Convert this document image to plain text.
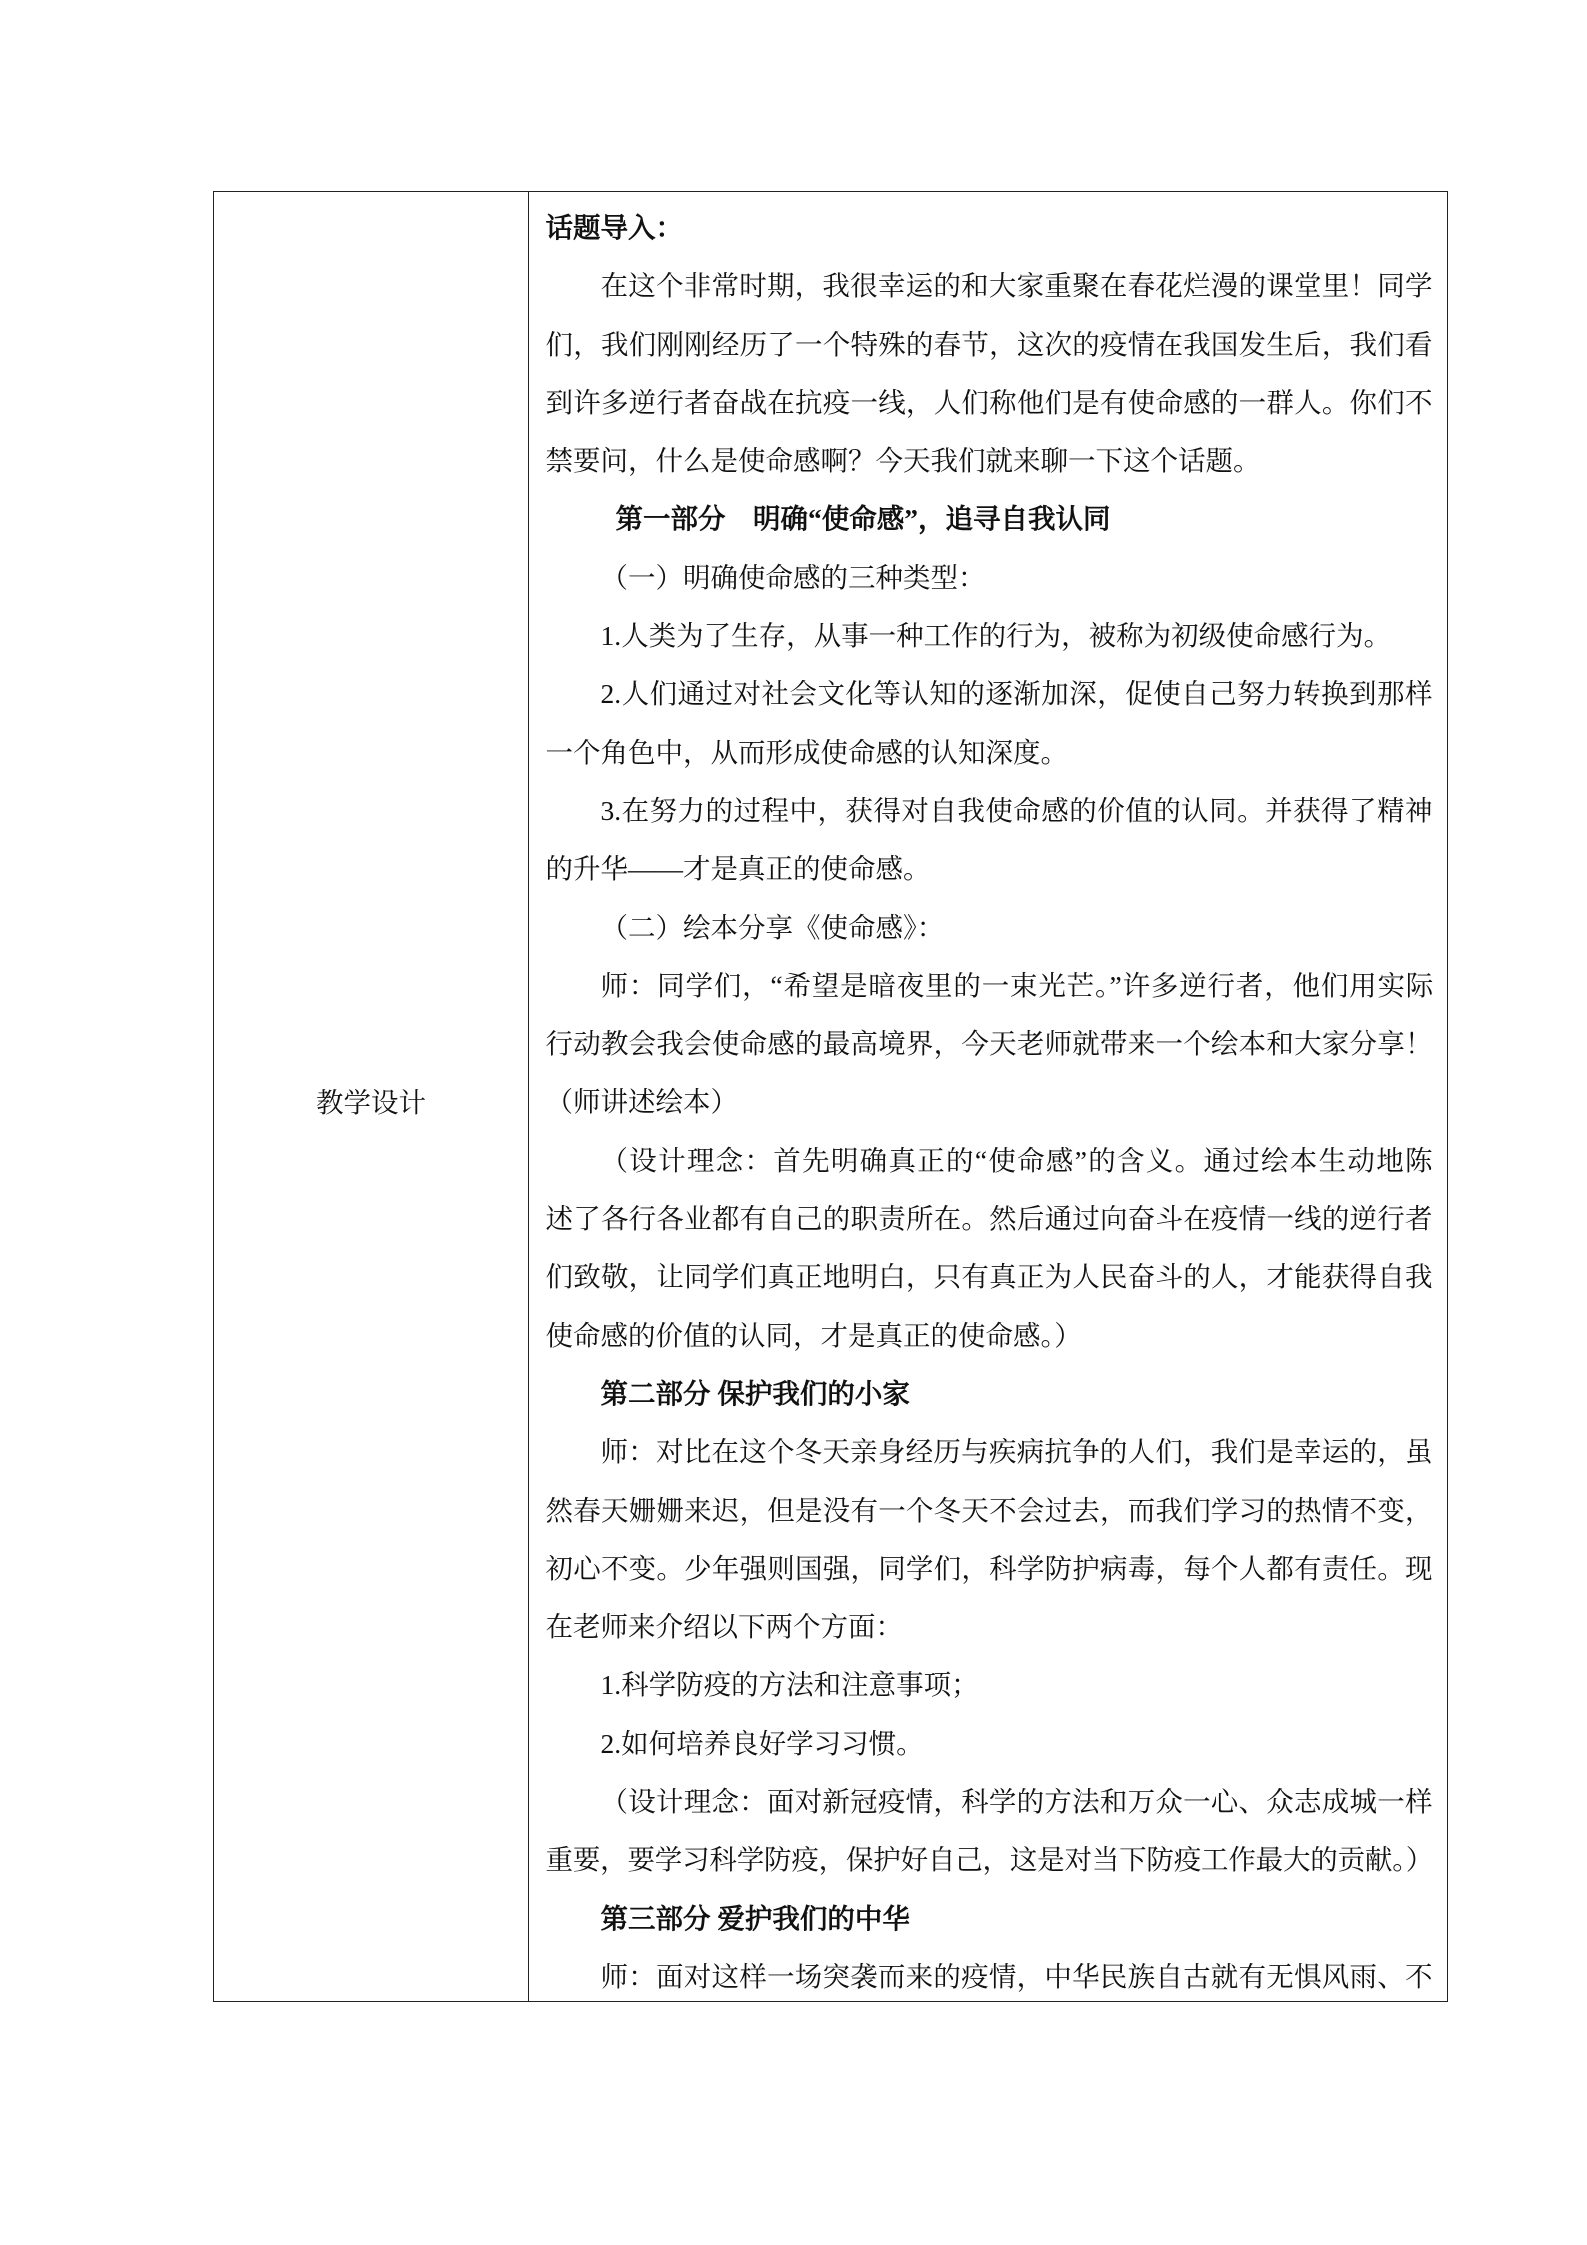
教学设计
话题导入：
在这个非常时期，我很幸运的和大家重聚在春花烂漫的课堂里！同学
们，我们刚刚经历了一个特殊的春节，这次的疫情在我国发生后，我们看
到许多逆行者奋战在抗疫一线，人们称他们是有使命感的一群人。你们不
禁要问，什么是使命感啊？今天我们就来聊一下这个话题。
第一部分　明确“使命感”，追寻自我认同
（一）明确使命感的三种类型：
1.人类为了生存，从事一种工作的行为，被称为初级使命感行为。
2.人们通过对社会文化等认知的逐渐加深，促使自己努力转换到那样
一个角色中，从而形成使命感的认知深度。
3.在努力的过程中，获得对自我使命感的价值的认同。并获得了精神
的升华——才是真正的使命感。
（二）绘本分享《使命感》：
师：同学们，“希望是暗夜里的一束光芒。”许多逆行者，他们用实际
行动教会我会使命感的最高境界，今天老师就带来一个绘本和大家分享！
（师讲述绘本）
（设计理念：首先明确真正的“使命感”的含义。通过绘本生动地陈
述了各行各业都有自己的职责所在。然后通过向奋斗在疫情一线的逆行者
们致敬，让同学们真正地明白，只有真正为人民奋斗的人，才能获得自我
使命感的价值的认同，才是真正的使命感。）
第二部分 保护我们的小家
师：对比在这个冬天亲身经历与疾病抗争的人们，我们是幸运的，虽
然春天姗姗来迟，但是没有一个冬天不会过去，而我们学习的热情不变，
初心不变。少年强则国强，同学们，科学防护病毒，每个人都有责任。现
在老师来介绍以下两个方面：
1.科学防疫的方法和注意事项；
2.如何培养良好学习习惯。
（设计理念：面对新冠疫情，科学的方法和万众一心、众志成城一样
重要，要学习科学防疫，保护好自己，这是对当下防疫工作最大的贡献。）
第三部分 爱护我们的中华
师：面对这样一场突袭而来的疫情，中华民族自古就有无惧风雨、不
